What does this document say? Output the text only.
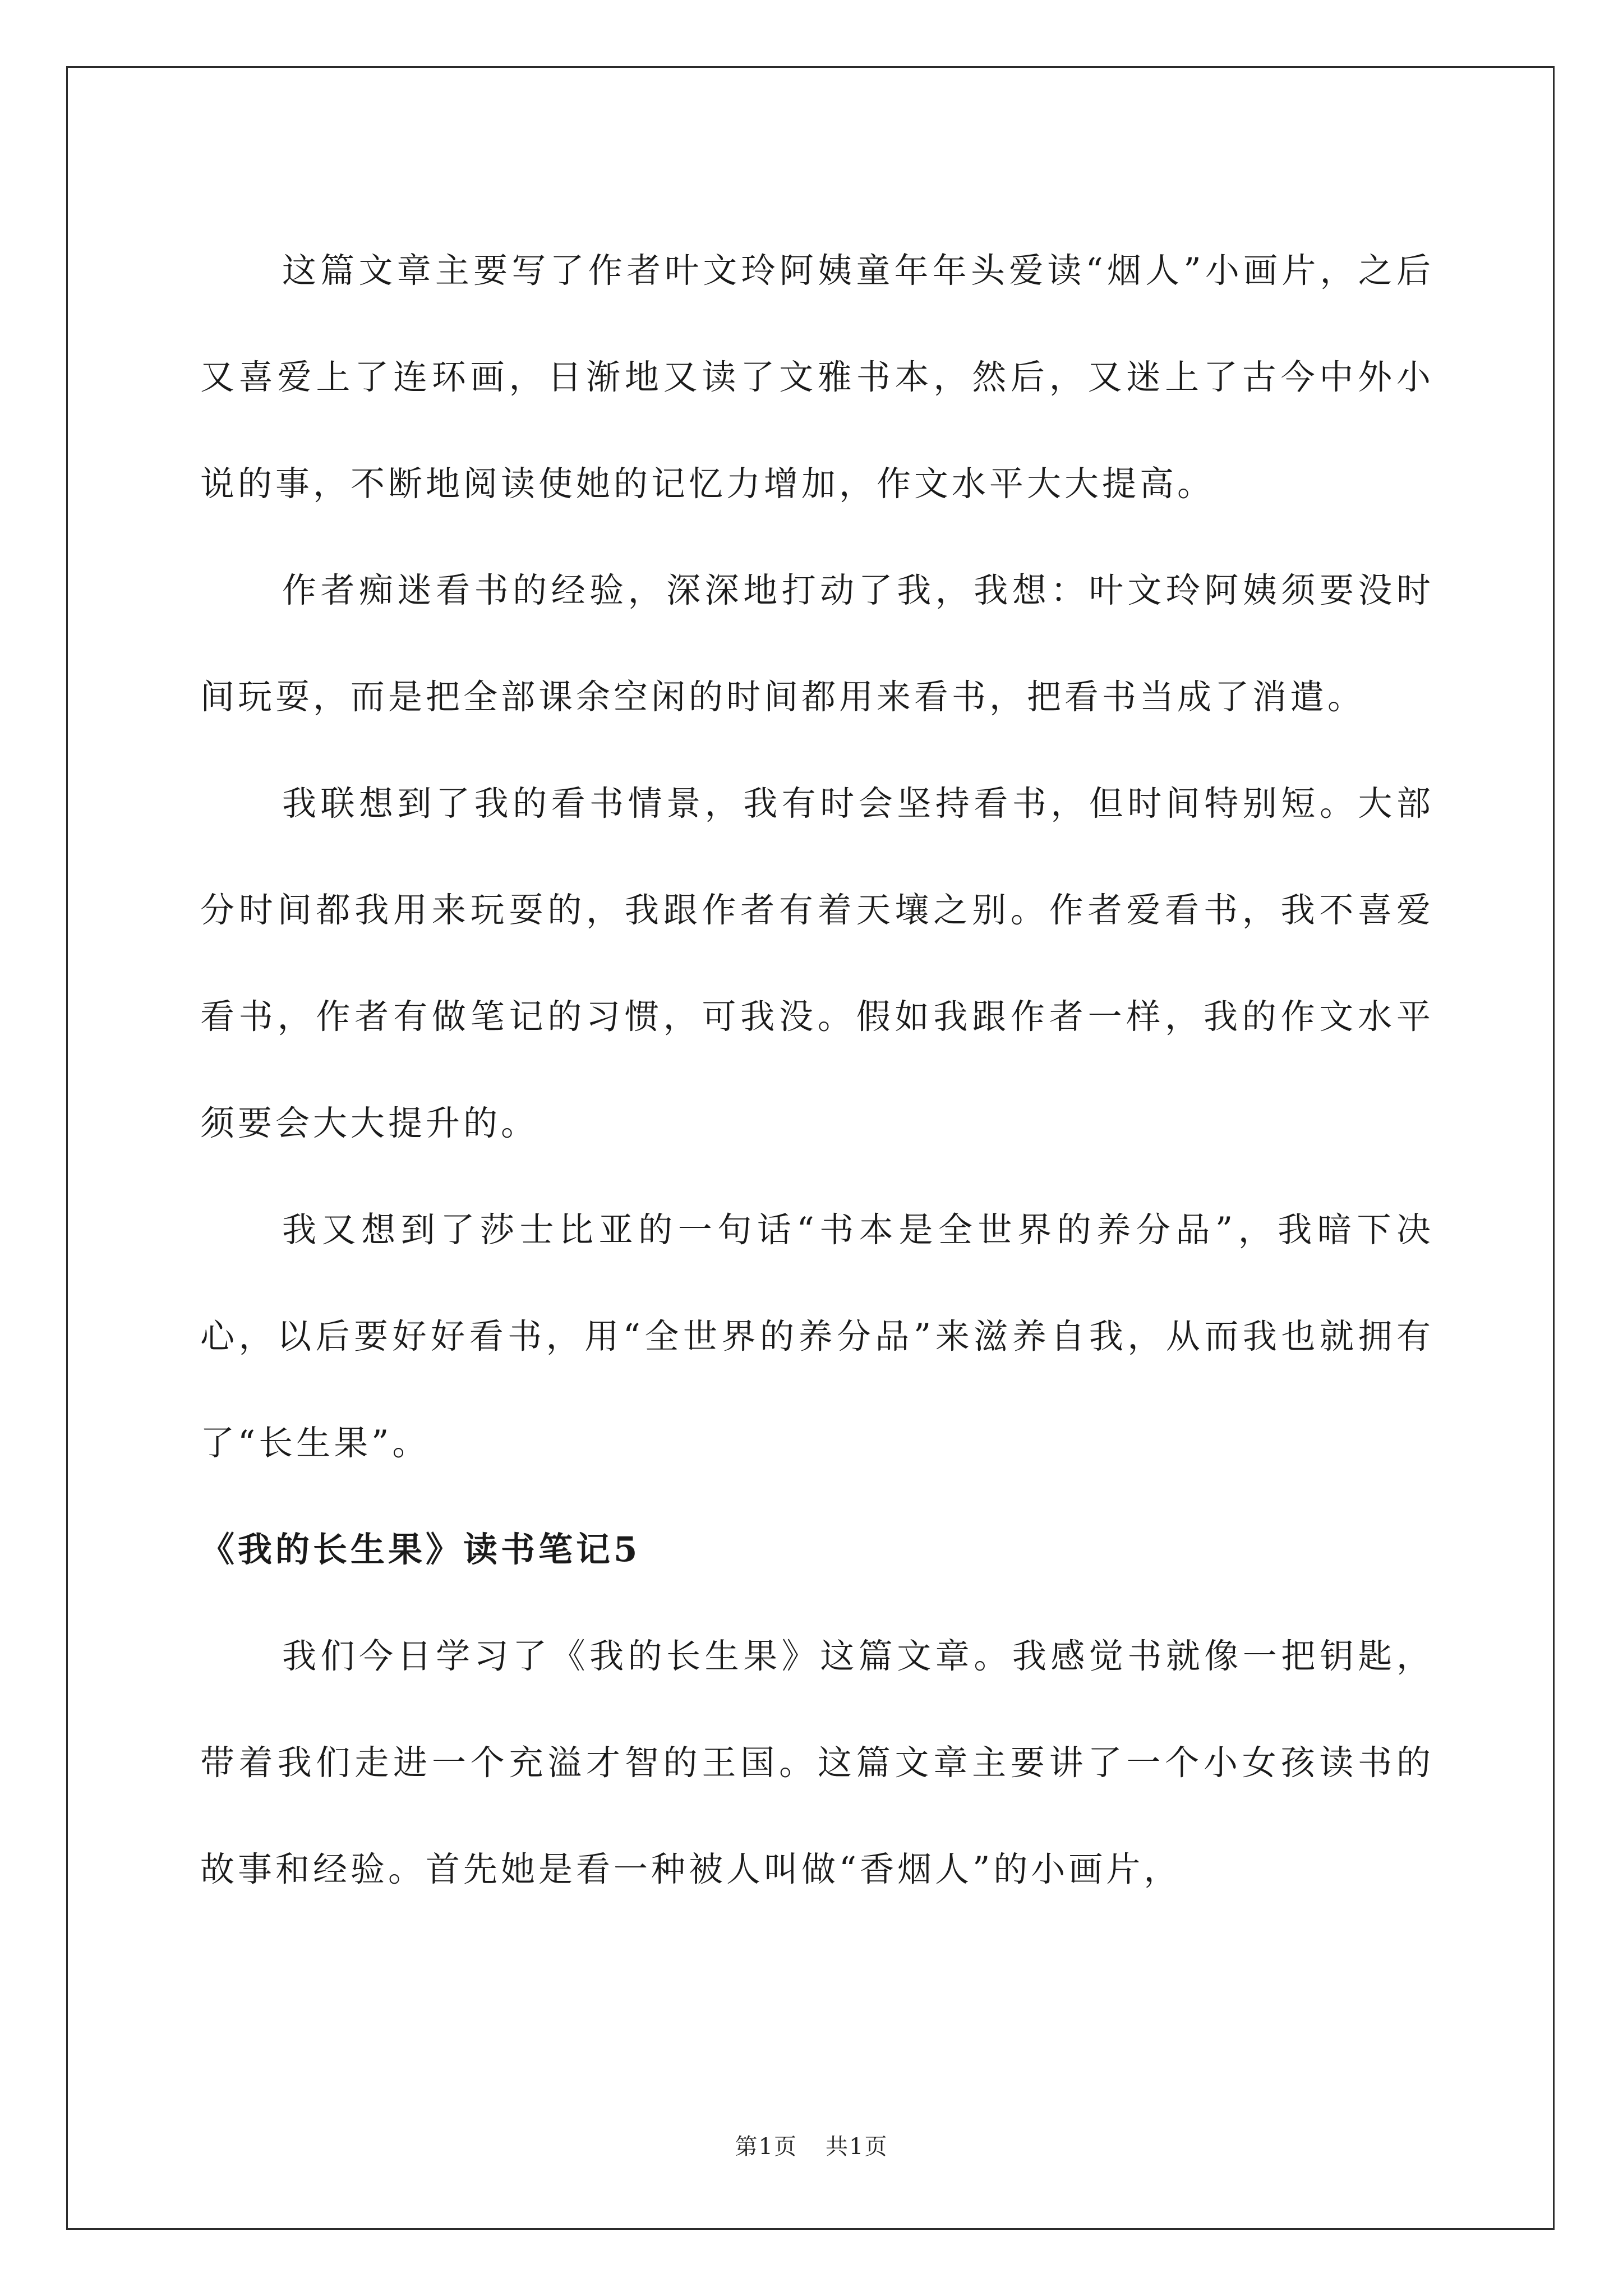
这篇文章主要写了作者叶文玲阿姨童年年头爱读“烟人”小画片，之后又喜爱上了连环画，日渐地又读了文雅书本，然后，又迷上了古今中外小说的事，不断地阅读使她的记忆力增加，作文水平大大提高。

作者痴迷看书的经验，深深地打动了我，我想：叶文玲阿姨须要没时间玩耍，而是把全部课余空闲的时间都用来看书，把看书当成了消遣。

我联想到了我的看书情景，我有时会坚持看书，但时间特别短。大部分时间都我用来玩耍的，我跟作者有着天壤之别。作者爱看书，我不喜爱看书，作者有做笔记的习惯，可我没。假如我跟作者一样，我的作文水平须要会大大提升的。

我又想到了莎士比亚的一句话“书本是全世界的养分品”，我暗下决心，以后要好好看书，用“全世界的养分品”来滋养自我，从而我也就拥有了“长生果”。

《我的长生果》读书笔记5

我们今日学习了《我的长生果》这篇文章。我感觉书就像一把钥匙，带着我们走进一个充溢才智的王国。这篇文章主要讲了一个小女孩读书的故事和经验。首先她是看一种被人叫做“香烟人”的小画片，

第1页 共1页
